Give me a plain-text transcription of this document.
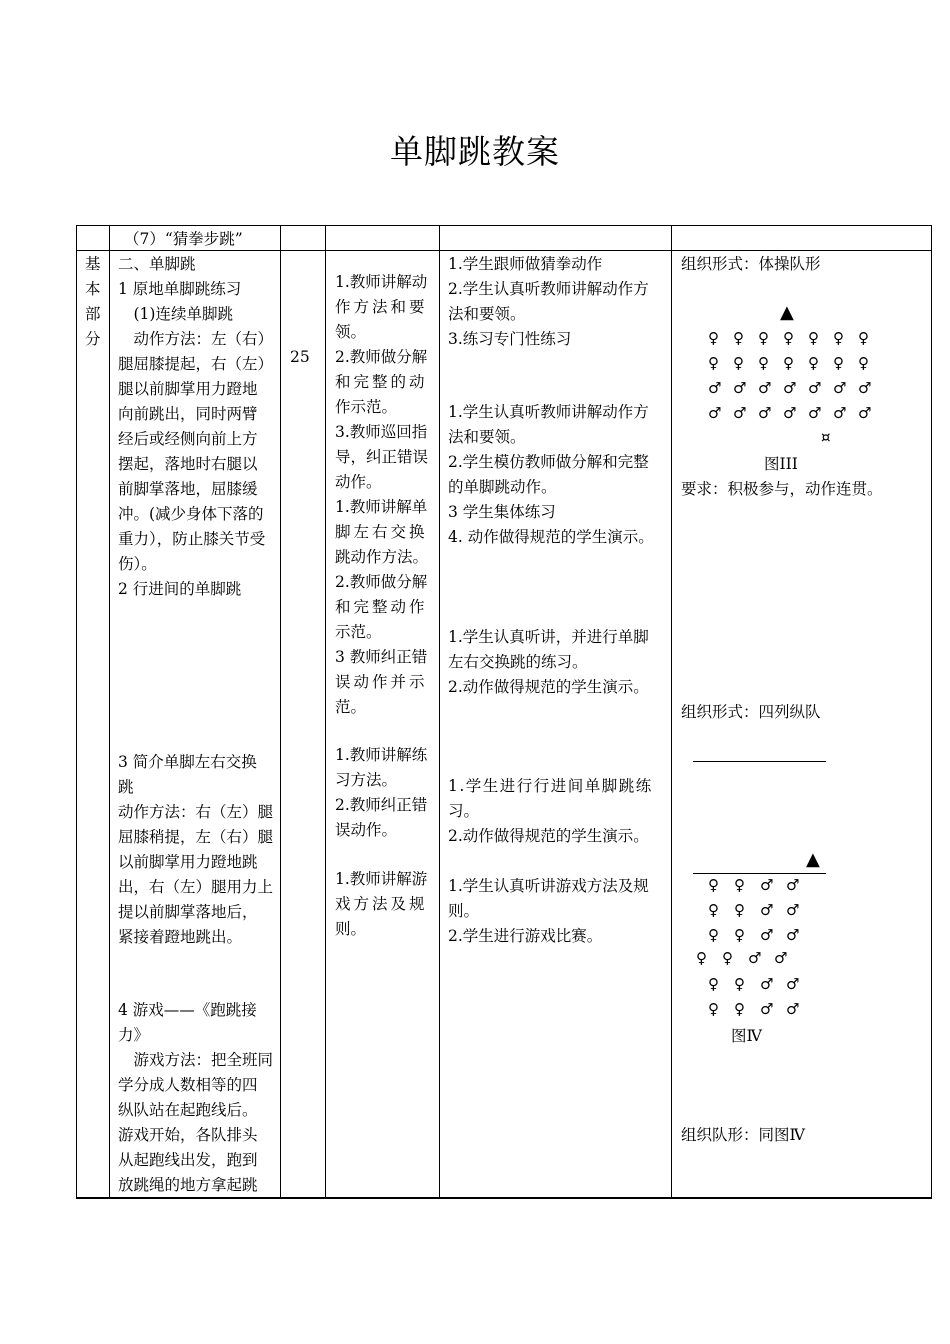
单脚跳教案
（7）“猜拳步跳”
基
本
部
分
25
二、单脚跳
1 原地单脚跳练习
　(1)连续单脚跳
　动作方法：左（右）
腿屈膝提起，右（左）
腿以前脚掌用力蹬地
向前跳出，同时两臂
经后或经侧向前上方
摆起，落地时右腿以
前脚掌落地，屈膝缓
冲。(减少身体下落的
重力），防止膝关节受
伤）。
2 行进间的单脚跳
3 简介单脚左右交换
跳
动作方法：右（左）腿
屈膝稍提，左（右）腿
以前脚掌用力蹬地跳
出，右（左）腿用力上
提以前脚掌落地后，
紧接着蹬地跳出。
4 游戏——《跑跳接
力》
　游戏方法：把全班同
学分成人数相等的四
纵队站在起跑线后。
游戏开始，各队排头
从起跑线出发，跑到
放跳绳的地方拿起跳
1.教师讲解动
作方法和要
领。
2.教师做分解
和完整的动
作示范。
3.教师巡回指
导，纠正错误
动作。
1.教师讲解单
脚左右交换
跳动作方法。
2.教师做分解
和完整动作
示范。
3 教师纠正错
误动作并示
范。
1.教师讲解练
习方法。
2.教师纠正错
误动作。
1.教师讲解游
戏方法及规
则。
1.学生跟师做猜拳动作
2.学生认真听教师讲解动作方
法和要领。
3.练习专门性练习
1.学生认真听教师讲解动作方
法和要领。
2.学生模仿教师做分解和完整
的单脚跳动作。
3 学生集体练习
4. 动作做得规范的学生演示。
1.学生认真听讲，并进行单脚
左右交换跳的练习。
2.动作做得规范的学生演示。
1.学生进行行进间单脚跳练
习。
2.动作做得规范的学生演示。
1.学生认真听讲游戏方法及规
则。
2.学生进行游戏比赛。
组织形式：体操队形
▲
♀ ♀ ♀ ♀ ♀ ♀ ♀
♀ ♀ ♀ ♀ ♀ ♀ ♀
♂ ♂ ♂ ♂ ♂ ♂ ♂
♂ ♂ ♂ ♂ ♂ ♂ ♂
¤
图III
要求：积极参与，动作连贯。
组织形式：四列纵队
▲
♀ ♀ ♂ ♂
♀ ♀ ♂ ♂
♀ ♀ ♂ ♂
♀ ♀ ♂ ♂
♀ ♀ ♂ ♂
♀ ♀ ♂ ♂
图Ⅳ
组织队形：同图Ⅳ
